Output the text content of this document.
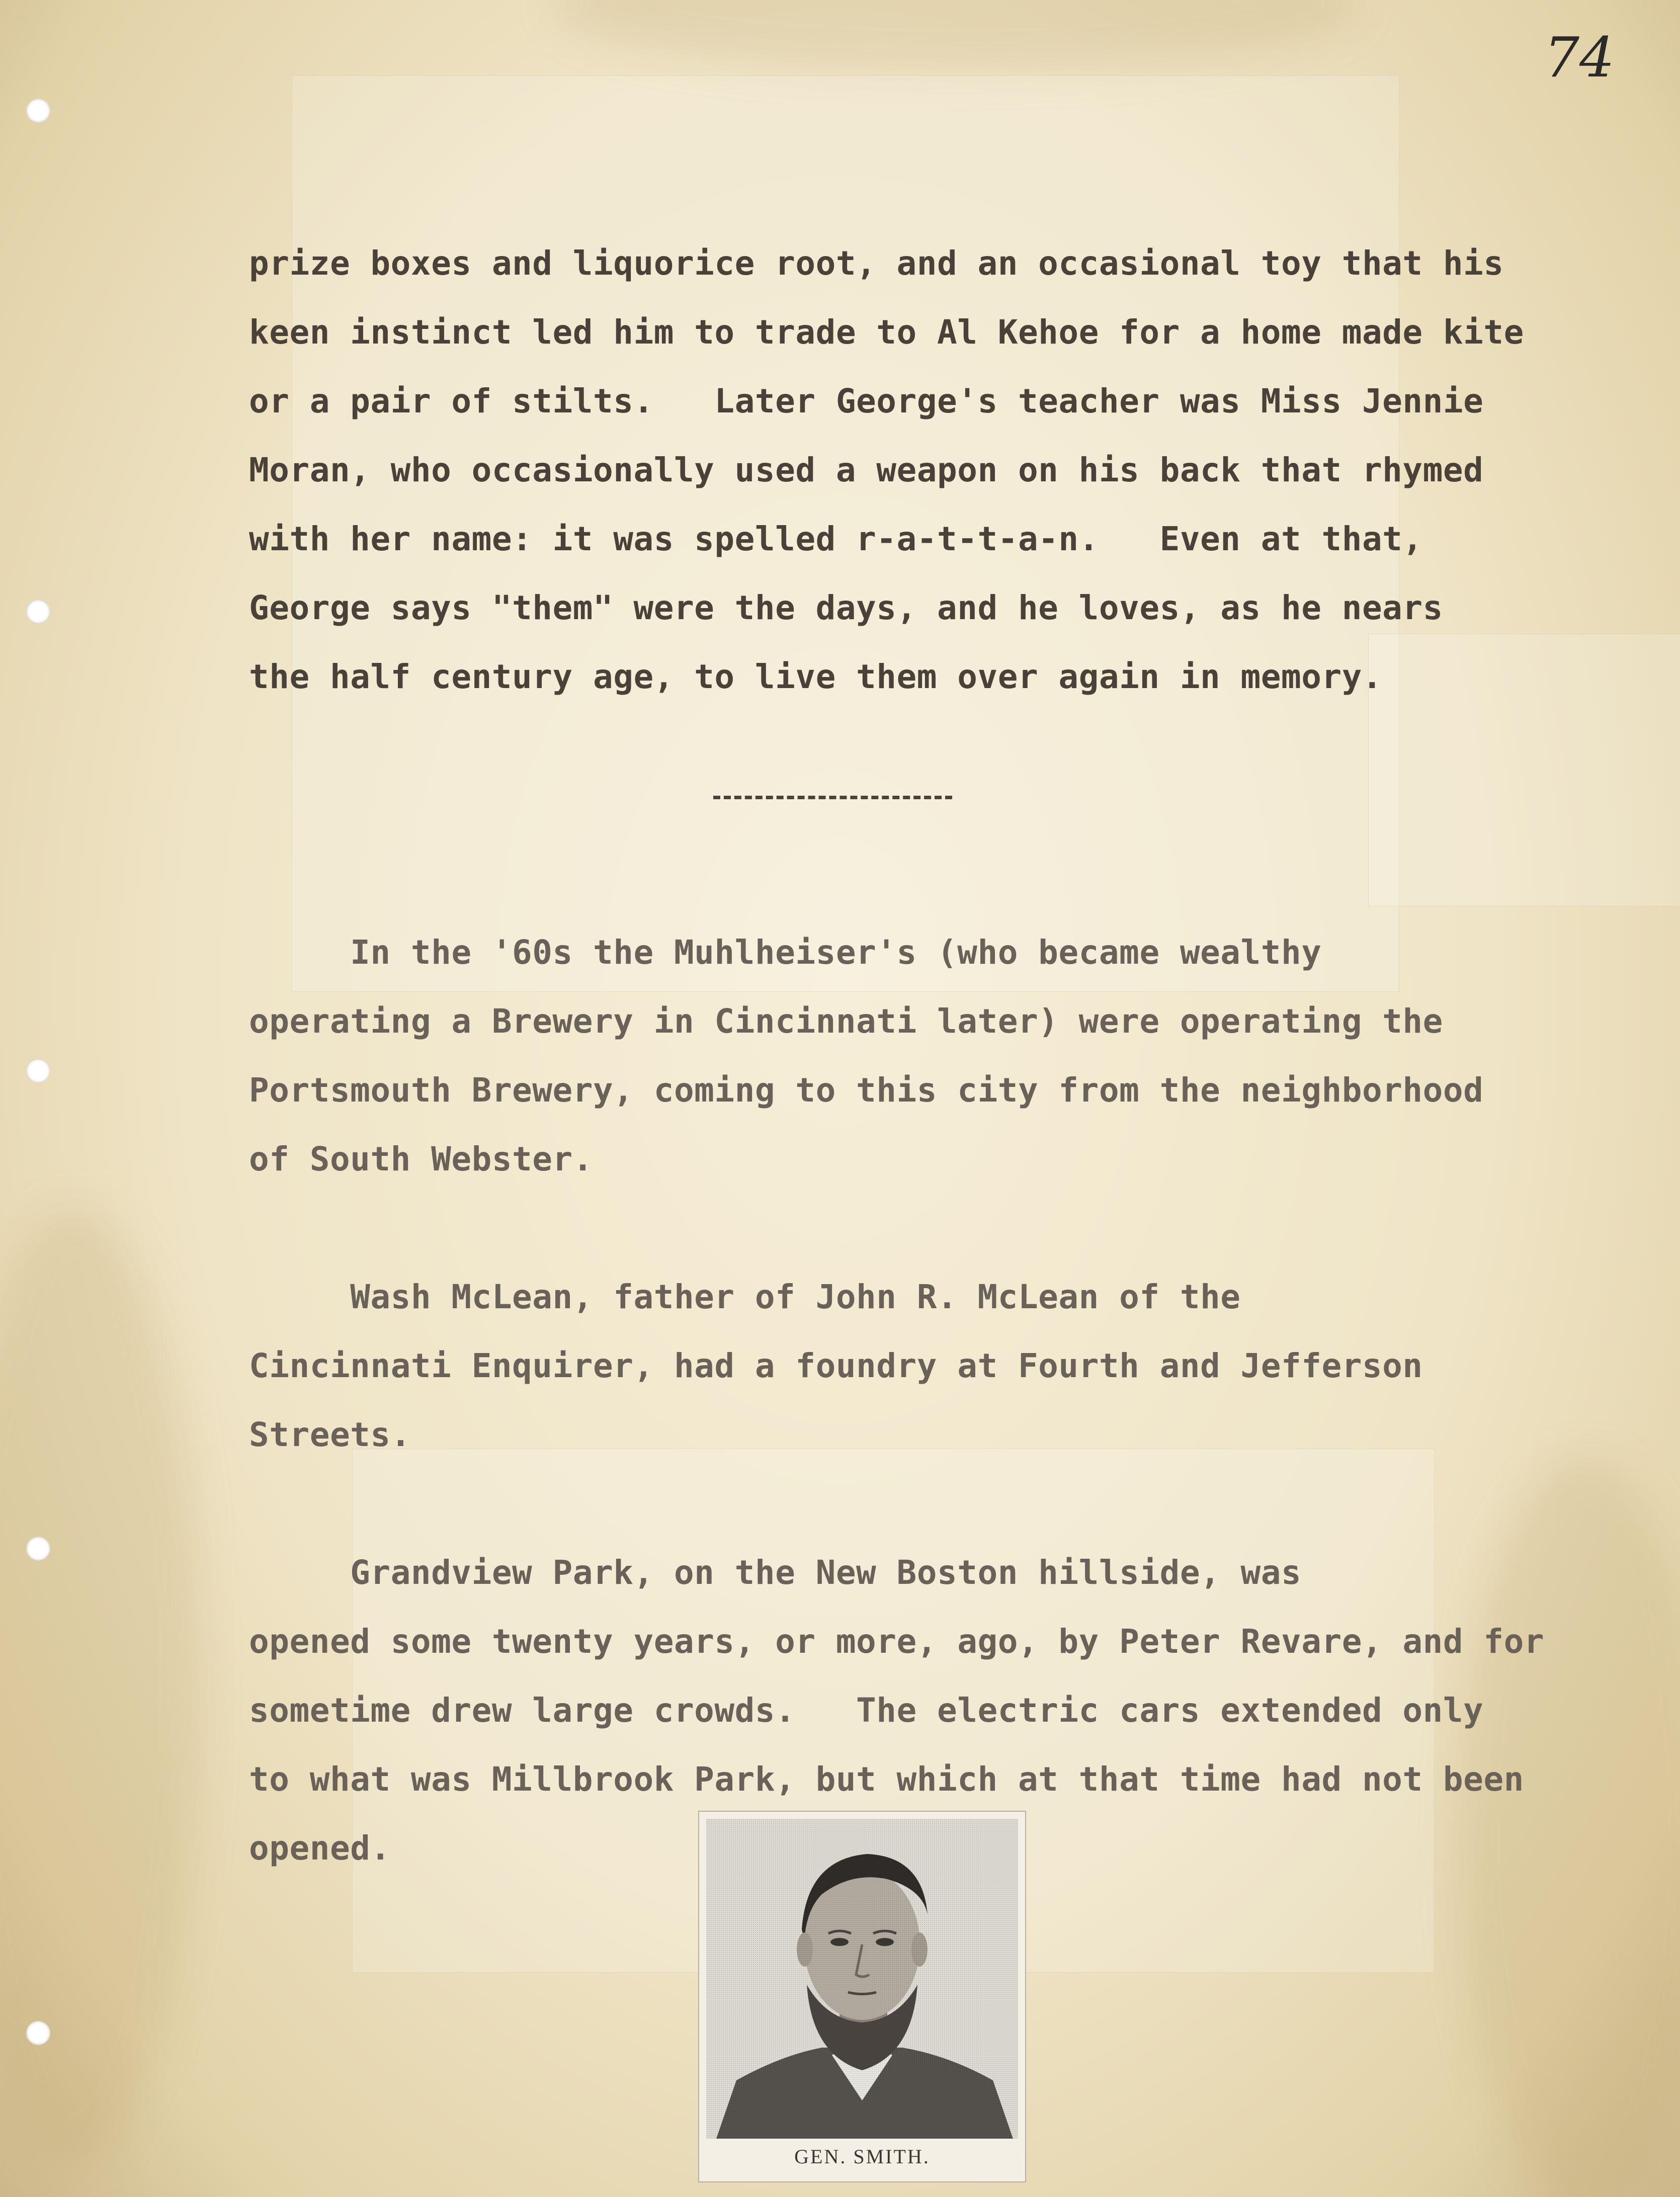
74
prize boxes and liquorice root, and an occasional toy that his
keen instinct led him to trade to Al Kehoe for a home made kite
or a pair of stilts.   Later George's teacher was Miss Jennie
Moran, who occasionally used a weapon on his back that rhymed
with her name: it was spelled r-a-t-t-a-n.   Even at that,
George says "them" were the days, and he loves, as he nears
the half century age, to live them over again in memory.
In the '60s the Muhlheiser's (who became wealthy
operating a Brewery in Cincinnati later) were operating the
Portsmouth Brewery, coming to this city from the neighborhood
of South Webster.
Wash McLean, father of John R. McLean of the
Cincinnati Enquirer, had a foundry at Fourth and Jefferson
Streets.
Grandview Park, on the New Boston hillside, was
opened some twenty years, or more, ago, by Peter Revare, and for
sometime drew large crowds.   The electric cars extended only
to what was Millbrook Park, but which at that time had not been
opened.
GEN. SMITH.
